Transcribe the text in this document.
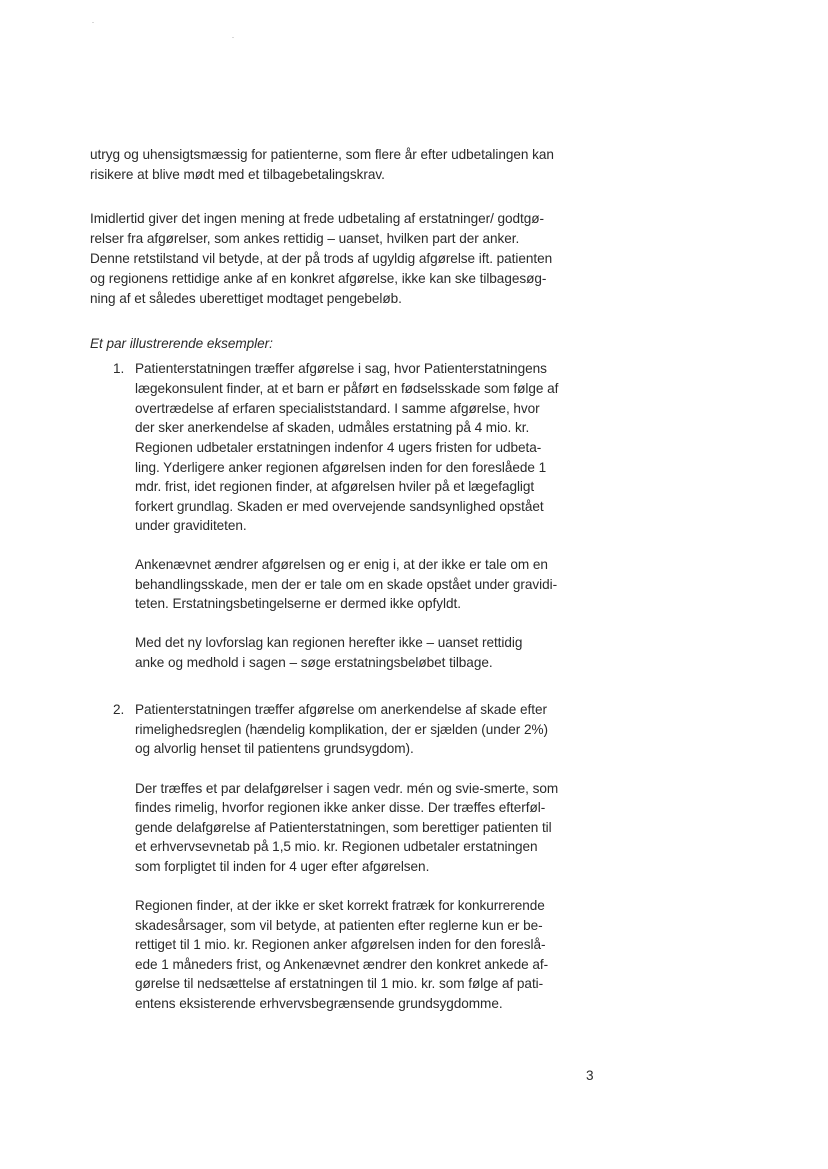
utryg og uhensigtsmæssig for patienterne, som flere år efter udbetalingen kan
risikere at blive mødt med et tilbagebetalingskrav.
Imidlertid giver det ingen mening at frede udbetaling af erstatninger/ godtgø-
relser fra afgørelser, som ankes rettidig – uanset, hvilken part der anker.
Denne retstilstand vil betyde, at der på trods af ugyldig afgørelse ift. patienten
og regionens rettidige anke af en konkret afgørelse, ikke kan ske tilbagesøg-
ning af et således uberettiget modtaget pengebeløb.
Et par illustrerende eksempler:
1. Patienterstatningen træffer afgørelse i sag, hvor Patienterstatningens
lægekonsulent finder, at et barn er påført en fødselsskade som følge af
overtrædelse af erfaren specialiststandard. I samme afgørelse, hvor
der sker anerkendelse af skaden, udmåles erstatning på 4 mio. kr.
Regionen udbetaler erstatningen indenfor 4 ugers fristen for udbeta-
ling. Yderligere anker regionen afgørelsen inden for den foreslåede 1
mdr. frist, idet regionen finder, at afgørelsen hviler på et lægefagligt
forkert grundlag. Skaden er med overvejende sandsynlighed opstået
under graviditeten.
Ankenævnet ændrer afgørelsen og er enig i, at der ikke er tale om en
behandlingsskade, men der er tale om en skade opstået under gravidi-
teten. Erstatningsbetingelserne er dermed ikke opfyldt.
Med det ny lovforslag kan regionen herefter ikke – uanset rettidig
anke og medhold i sagen – søge erstatningsbeløbet tilbage.
2. Patienterstatningen træffer afgørelse om anerkendelse af skade efter
rimelighedsreglen (hændelig komplikation, der er sjælden (under 2%)
og alvorlig henset til patientens grundsygdom).
Der træffes et par delafgørelser i sagen vedr. mén og svie-smerte, som
findes rimelig, hvorfor regionen ikke anker disse. Der træffes efterføl-
gende delafgørelse af Patienterstatningen, som berettiger patienten til
et erhvervsevnetab på 1,5 mio. kr. Regionen udbetaler erstatningen
som forpligtet til inden for 4 uger efter afgørelsen.
Regionen finder, at der ikke er sket korrekt fratræk for konkurrerende
skadesårsager, som vil betyde, at patienten efter reglerne kun er be-
rettiget til 1 mio. kr. Regionen anker afgørelsen inden for den foreslå-
ede 1 måneders frist, og Ankenævnet ændrer den konkret ankede af-
gørelse til nedsættelse af erstatningen til 1 mio. kr. som følge af pati-
entens eksisterende erhvervsbegrænsende grundsygdomme.
3
